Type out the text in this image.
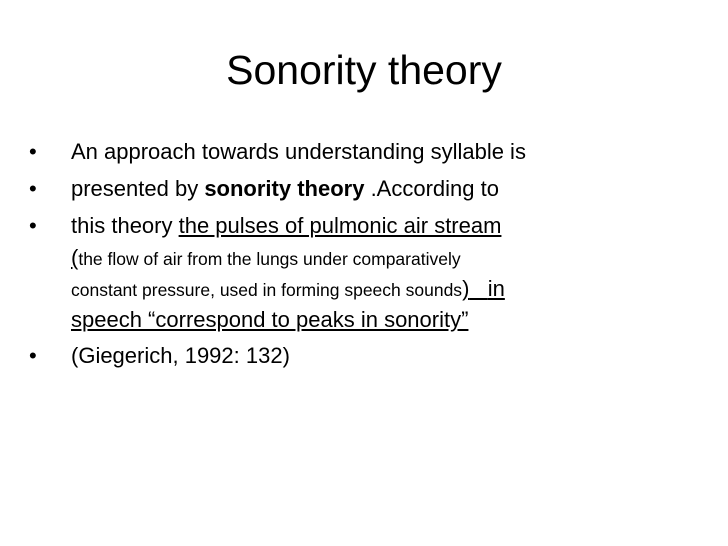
Sonority theory
• An approach towards understanding syllable is
• presented by sonority theory .According to
• this theory the pulses of pulmonic air stream
(the flow of air from the lungs under comparatively
constant pressure, used in forming speech sounds) in
speech “correspond to peaks in sonority”
• (Giegerich, 1992: 132)
